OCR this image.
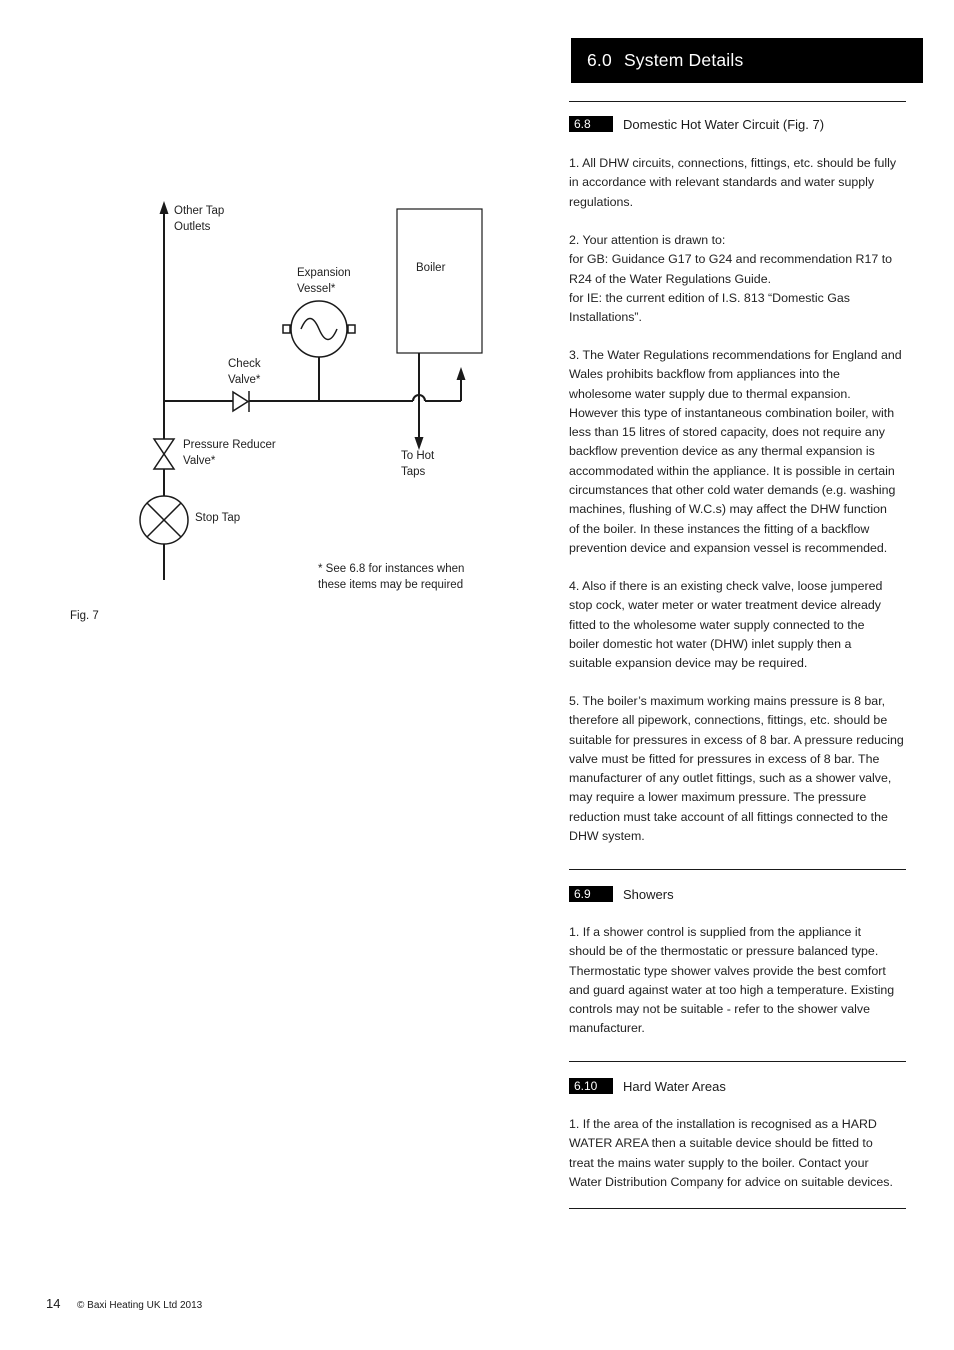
6.0 System Details
6.8	Domestic Hot Water Circuit (Fig. 7)

1. All DHW circuits, connections, fittings, etc. should be fully
in accordance with relevant standards and water supply
regulations.

2. Your attention is drawn to:
for GB: Guidance G17 to G24 and recommendation R17 to
R24 of the Water Regulations Guide.
for IE: the current edition of I.S. 813 “Domestic Gas
Installations”.

3. The Water Regulations recommendations for England and
Wales prohibits backflow from appliances into the
wholesome water supply due to thermal expansion.
However this type of instantaneous combination boiler, with
less than 15 litres of stored capacity, does not require any
backflow prevention device as any thermal expansion is
accommodated within the appliance. It is possible in certain
circumstances that other cold water demands (e.g. washing
machines, flushing of W.C.s) may affect the DHW function
of the boiler. In these instances the fitting of a backflow
prevention device and expansion vessel is recommended.

4. Also if there is an existing check valve, loose jumpered
stop cock, water meter or water treatment device already
fitted to the wholesome water supply connected to the
boiler domestic hot water (DHW) inlet supply then a
suitable expansion device may be required.

5. The boiler’s maximum working mains pressure is 8 bar,
therefore all pipework, connections, fittings, etc. should be
suitable for pressures in excess of 8 bar. A pressure reducing
valve must be fitted for pressures in excess of 8 bar. The
manufacturer of any outlet fittings, such as a shower valve,
may require a lower maximum pressure. The pressure
reduction must take account of all fittings connected to the
DHW system.

6.9	Showers

1. If a shower control is supplied from the appliance it
should be of the thermostatic or pressure balanced type.
Thermostatic type shower valves provide the best comfort
and guard against water at too high a temperature. Existing
controls may not be suitable - refer to the shower valve
manufacturer.

6.10	Hard Water Areas

1. If the area of the installation is recognised as a HARD
WATER AREA then a suitable device should be fitted to
treat the mains water supply to the boiler. Contact your
Water Distribution Company for advice on suitable devices.

Other Tap Outlets
Expansion Vessel*
Boiler
Check Valve*
Pressure Reducer Valve*	To Hot Taps
Stop Tap
* See 6.8 for instances when these items may be required
Fig. 7
14 © Baxi Heating UK Ltd 2013
